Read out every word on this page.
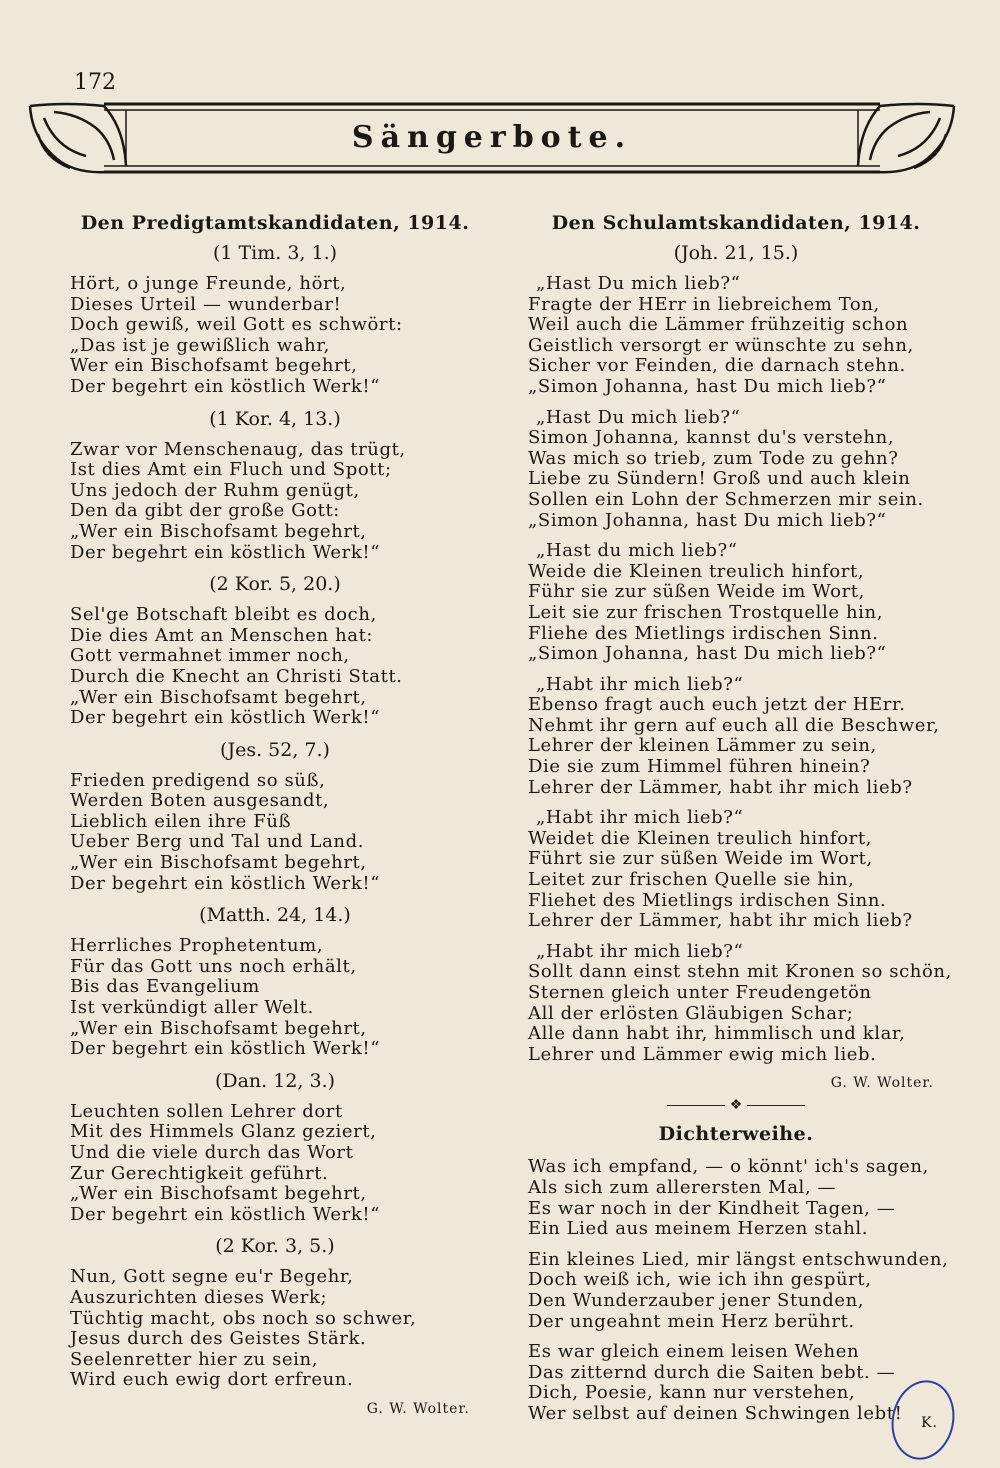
172
Sängerbote.
Den Predigtamtskandidaten, 1914.
(1 Tim. 3, 1.)
Hört, o junge Freunde, hört,
Dieses Urteil — wunderbar!
Doch gewiß, weil Gott es schwört:
„Das ist je gewißlich wahr,
Wer ein Bischofsamt begehrt,
Der begehrt ein köstlich Werk!“
(1 Kor. 4, 13.)
Zwar vor Menschenaug, das trügt,
Ist dies Amt ein Fluch und Spott;
Uns jedoch der Ruhm genügt,
Den da gibt der große Gott:
„Wer ein Bischofsamt begehrt,
Der begehrt ein köstlich Werk!“
(2 Kor. 5, 20.)
Sel'ge Botschaft bleibt es doch,
Die dies Amt an Menschen hat:
Gott vermahnet immer noch,
Durch die Knecht an Christi Statt.
„Wer ein Bischofsamt begehrt,
Der begehrt ein köstlich Werk!“
(Jes. 52, 7.)
Frieden predigend so süß,
Werden Boten ausgesandt,
Lieblich eilen ihre Füß
Ueber Berg und Tal und Land.
„Wer ein Bischofsamt begehrt,
Der begehrt ein köstlich Werk!“
(Matth. 24, 14.)
Herrliches Prophetentum,
Für das Gott uns noch erhält,
Bis das Evangelium
Ist verkündigt aller Welt.
„Wer ein Bischofsamt begehrt,
Der begehrt ein köstlich Werk!“
(Dan. 12, 3.)
Leuchten sollen Lehrer dort
Mit des Himmels Glanz geziert,
Und die viele durch das Wort
Zur Gerechtigkeit geführt.
„Wer ein Bischofsamt begehrt,
Der begehrt ein köstlich Werk!“
(2 Kor. 3, 5.)
Nun, Gott segne eu'r Begehr,
Auszurichten dieses Werk;
Tüchtig macht, obs noch so schwer,
Jesus durch des Geistes Stärk.
Seelenretter hier zu sein,
Wird euch ewig dort erfreun.
G. W. Wolter.
Den Schulamtskandidaten, 1914.
(Joh. 21, 15.)
„Hast Du mich lieb?“
Fragte der HErr in liebreichem Ton,
Weil auch die Lämmer frühzeitig schon
Geistlich versorgt er wünschte zu sehn,
Sicher vor Feinden, die darnach stehn.
„Simon Johanna, hast Du mich lieb?“
„Hast Du mich lieb?“
Simon Johanna, kannst du's verstehn,
Was mich so trieb, zum Tode zu gehn?
Liebe zu Sündern! Groß und auch klein
Sollen ein Lohn der Schmerzen mir sein.
„Simon Johanna, hast Du mich lieb?“
„Hast du mich lieb?“
Weide die Kleinen treulich hinfort,
Führ sie zur süßen Weide im Wort,
Leit sie zur frischen Trostquelle hin,
Fliehe des Mietlings irdischen Sinn.
„Simon Johanna, hast Du mich lieb?“
„Habt ihr mich lieb?“
Ebenso fragt auch euch jetzt der HErr.
Nehmt ihr gern auf euch all die Beschwer,
Lehrer der kleinen Lämmer zu sein,
Die sie zum Himmel führen hinein?
Lehrer der Lämmer, habt ihr mich lieb?
„Habt ihr mich lieb?“
Weidet die Kleinen treulich hinfort,
Führt sie zur süßen Weide im Wort,
Leitet zur frischen Quelle sie hin,
Fliehet des Mietlings irdischen Sinn.
Lehrer der Lämmer, habt ihr mich lieb?
„Habt ihr mich lieb?“
Sollt dann einst stehn mit Kronen so schön,
Sternen gleich unter Freudengetön
All der erlösten Gläubigen Schar;
Alle dann habt ihr, himmlisch und klar,
Lehrer und Lämmer ewig mich lieb.
G. W. Wolter.
❖
Dichterweihe.
Was ich empfand, — o könnt' ich's sagen,
Als sich zum allerersten Mal, —
Es war noch in der Kindheit Tagen, —
Ein Lied aus meinem Herzen stahl.
Ein kleines Lied, mir längst entschwunden,
Doch weiß ich, wie ich ihn gespürt,
Den Wunderzauber jener Stunden,
Der ungeahnt mein Herz berührt.
Es war gleich einem leisen Wehen
Das zitternd durch die Saiten bebt. —
Dich, Poesie, kann nur verstehen,
Wer selbst auf deinen Schwingen lebt!	K.
